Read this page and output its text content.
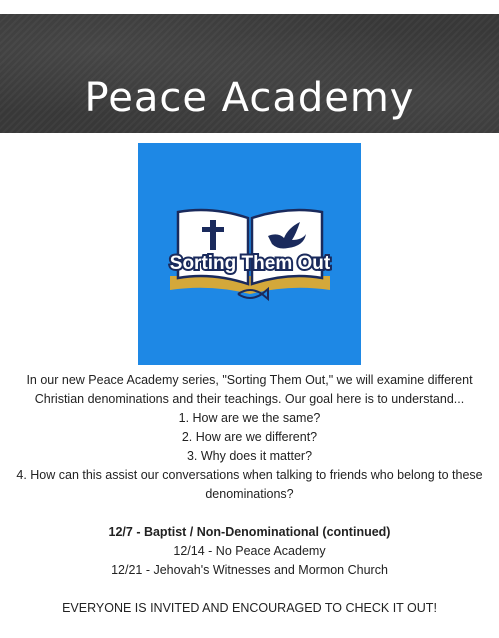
Peace Academy
Sorting Them Out

In our new Peace Academy series, "Sorting Them Out," we will examine different

Christian denominations and their teachings. Our goal here is to understand...

1. How are we the same?

2. How are we different?

3. Why does it matter?

4. How can this assist our conversations when talking to friends who belong to these

denominations?

12/7 - Baptist / Non-Denominational (continued)

12/14 - No Peace Academy

12/21 - Jehovah's Witnesses and Mormon Church

EVERYONE IS INVITED AND ENCOURAGED TO CHECK IT OUT!
